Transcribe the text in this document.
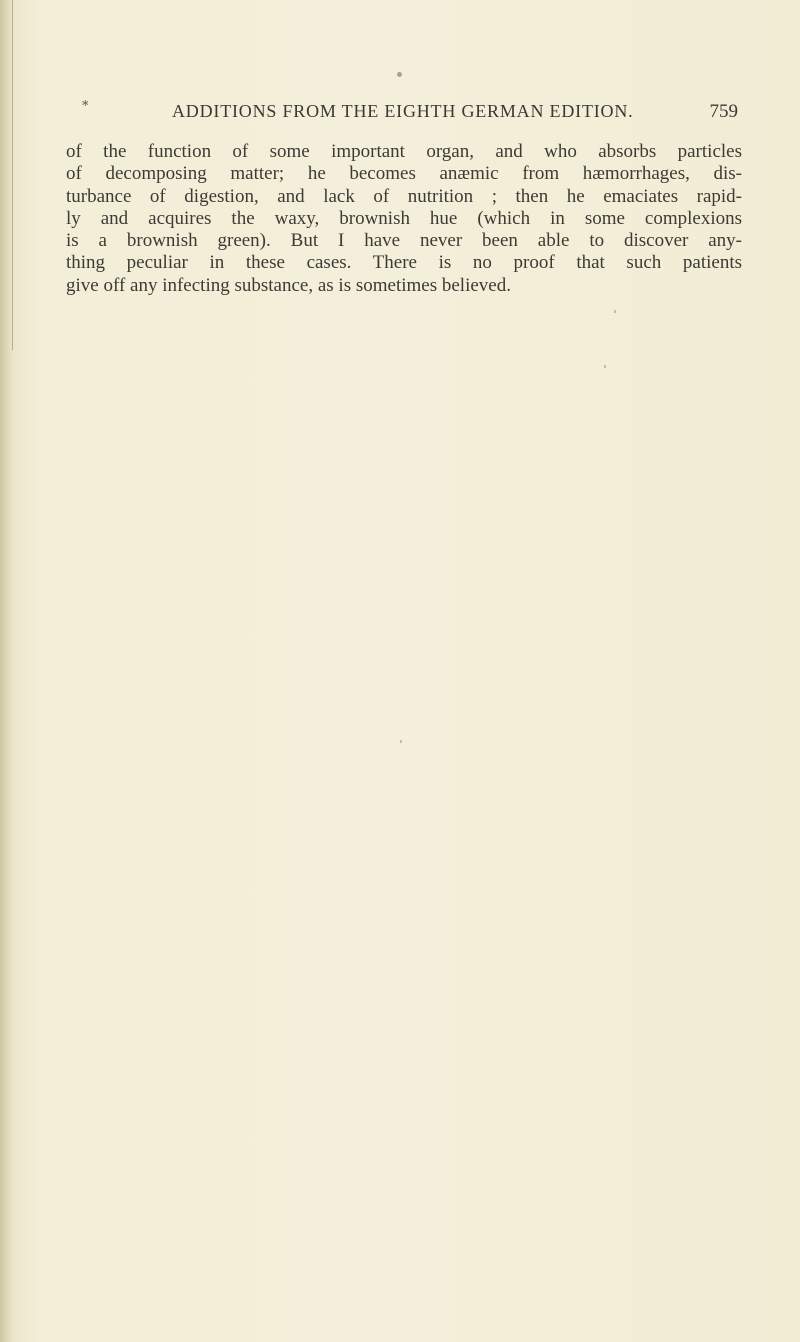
*	ADDITIONS FROM THE EIGHTH GERMAN EDITION.	759

of the function of some important organ, and who absorbs particles
of decomposing matter; he becomes anæmic from hæmorrhages, dis-
turbance of digestion, and lack of nutrition ; then he emaciates rapid-
ly and acquires the waxy, brownish hue (which in some complexions
is a brownish green). But I have never been able to discover any-
thing peculiar in these cases. There is no proof that such patients
give off any infecting substance, as is sometimes believed.
